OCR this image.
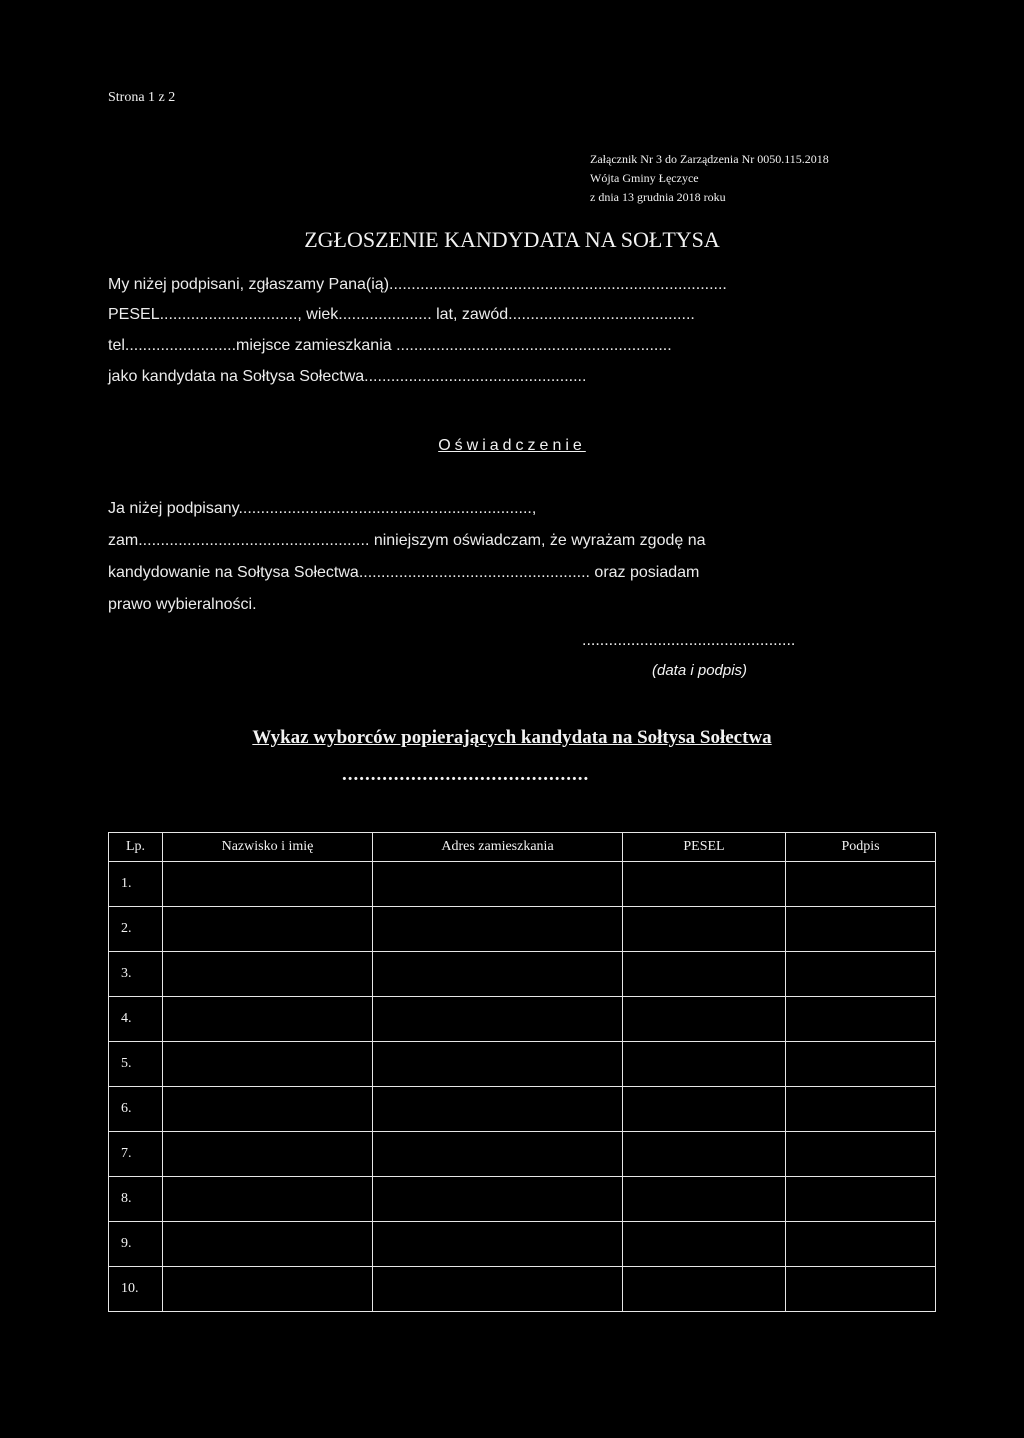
Strona 1 z 2
Załącznik Nr 3 do Zarządzenia Nr 0050.115.2018
Wójta Gminy Łęczyce
z dnia 13 grudnia 2018 roku
ZGŁOSZENIE KANDYDATA NA SOŁTYSA
My niżej podpisani, zgłaszamy Pana(ią)............................................................................
PESEL..............................., wiek..................... lat, zawód..........................................
tel.........................miejsce zamieszkania ..............................................................
jako kandydata na Sołtysa Sołectwa..................................................
Oświadczenie
Ja niżej podpisany..................................................................,
zam.................................................... niniejszym oświadczam, że wyrażam zgodę na
kandydowanie na Sołtysa Sołectwa.................................................... oraz posiadam
prawo wybieralności.
................................................
(data i podpis)
Wykaz wyborców popierających kandydata na Sołtysa Sołectwa
...........................................
Lp.	Nazwisko i imię	Adres zamieszkania	PESEL	Podpis
1.				
2.				
3.				
4.				
5.				
6.				
7.				
8.				
9.				
10.				
